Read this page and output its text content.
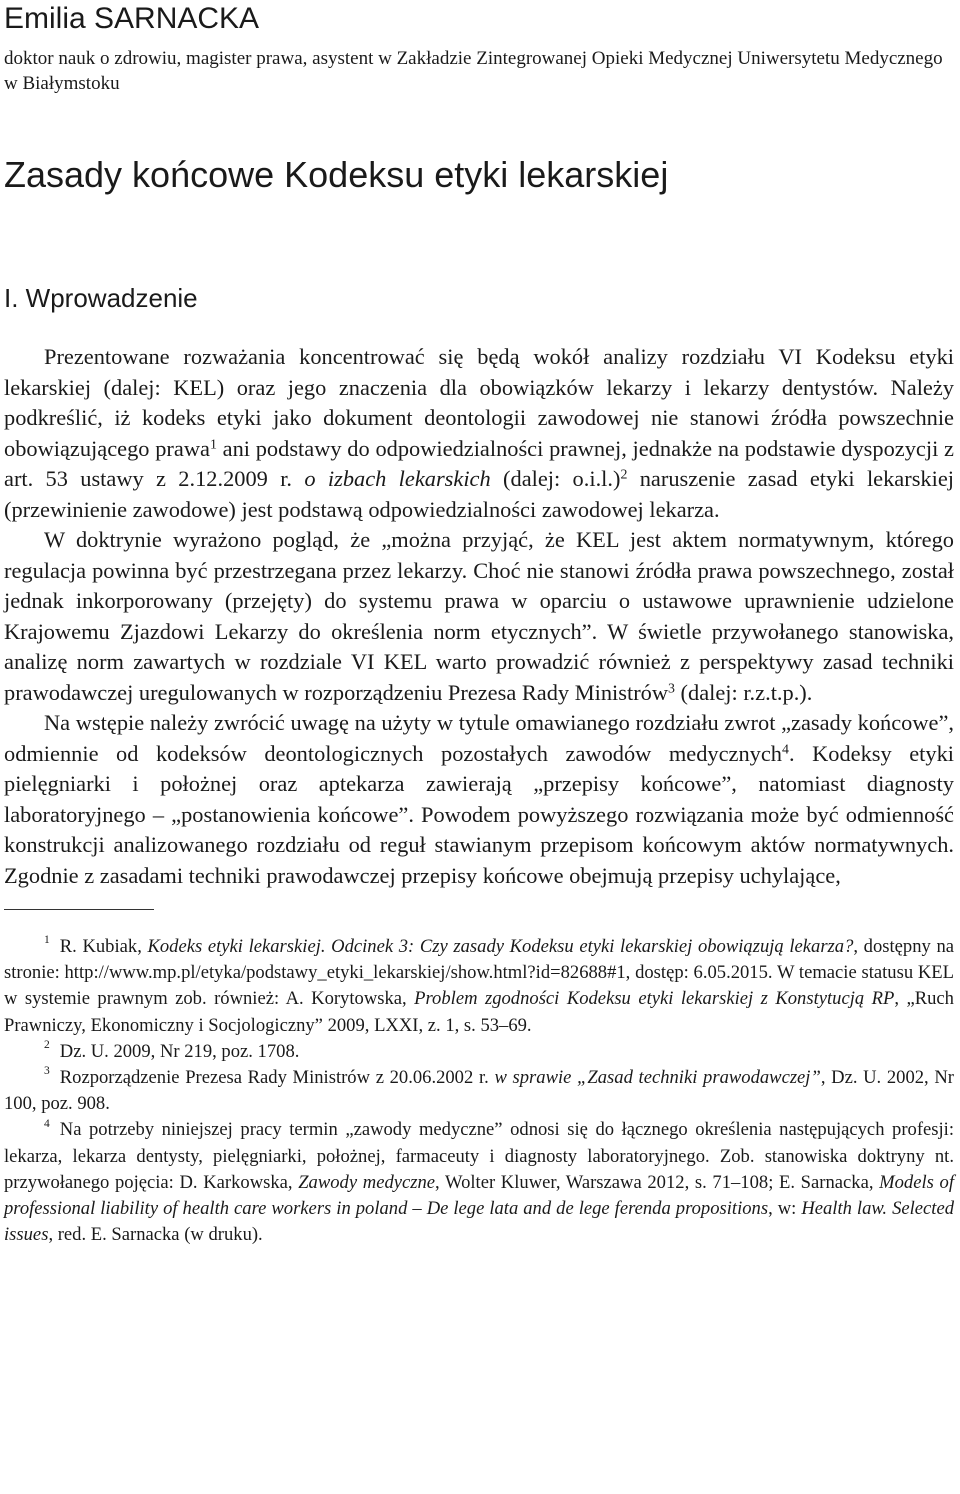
Emilia SARNACKA

doktor nauk o zdrowiu, magister prawa, asystent w Zakładzie Zintegrowanej Opieki Medycznej Uniwersytetu Medycznego w Białymstoku

Zasady końcowe Kodeksu etyki lekarskiej
I. Wprowadzenie

Prezentowane rozważania koncentrować się będą wokół analizy rozdziału VI Kodeksu etyki lekarskiej (dalej: KEL) oraz jego znaczenia dla obowiązków lekarzy i lekarzy dentystów. Należy podkreślić, iż kodeks etyki jako dokument deontologii zawodowej nie stanowi źródła powszechnie obowiązującego prawa$^1$ ani podstawy do odpowiedzialności prawnej, jednakże na podstawie dyspozycji z art. 53 ustawy z 2.12.2009 r. o izbach lekarskich (dalej: o.i.l.)$^2$ naruszenie zasad etyki lekarskiej (przewinienie zawodowe) jest podstawą odpowiedzialności zawodowej lekarza.

W doktrynie wyrażono pogląd, że „można przyjąć, że KEL jest aktem normatywnym, którego regulacja powinna być przestrzegana przez lekarzy. Choć nie stanowi źródła prawa powszechnego, został jednak inkorporowany (przejęty) do systemu prawa w oparciu o ustawowe uprawnienie udzielone Krajowemu Zjazdowi Lekarzy do określenia norm etycznych”. W świetle przywołanego stanowiska, analizę norm zawartych w rozdziale VI KEL warto prowadzić również z perspektywy zasad techniki prawodawczej uregulowanych w rozporządzeniu Prezesa Rady Ministrów$^3$ (dalej: r.z.t.p.).

Na wstępie należy zwrócić uwagę na użyty w tytule omawianego rozdziału zwrot „zasady końcowe”, odmiennie od kodeksów deontologicznych pozostałych zawodów medycznych$^4$. Kodeksy etyki pielęgniarki i położnej oraz aptekarza zawierają „przepisy końcowe”, natomiast diagnosty laboratoryjnego – „postanowienia końcowe”. Powodem powyższego rozwiązania może być odmienność konstrukcji analizowanego rozdziału od reguł stawianym przepisom końcowym aktów normatywnych. Zgodnie z zasadami techniki prawodawczej przepisy końcowe obejmują przepisy uchylające,

$^1$ R. Kubiak, Kodeks etyki lekarskiej. Odcinek 3: Czy zasady Kodeksu etyki lekarskiej obowiązują lekarza?, dostępny na stronie: http://www.mp.pl/etyka/podstawy_etyki_lekarskiej/show.html?id=82688#1, dostęp: 6.05.2015. W temacie statusu KEL w systemie prawnym zob. również: A. Korytowska, Problem zgodności Kodeksu etyki lekarskiej z Konstytucją RP, „Ruch Prawniczy, Ekonomiczny i Socjologiczny” 2009, LXXI, z. 1, s. 53–69.

$^2$ Dz. U. 2009, Nr 219, poz. 1708.

$^3$ Rozporządzenie Prezesa Rady Ministrów z 20.06.2002 r. w sprawie „Zasad techniki prawodawczej”, Dz. U. 2002, Nr 100, poz. 908.

$^4$ Na potrzeby niniejszej pracy termin „zawody medyczne” odnosi się do łącznego określenia następujących profesji: lekarza, lekarza dentysty, pielęgniarki, położnej, farmaceuty i diagnosty laboratoryjnego. Zob. stanowiska doktryny nt. przywołanego pojęcia: D. Karkowska, Zawody medyczne, Wolter Kluwer, Warszawa 2012, s. 71–108; E. Sarnacka, Models of professional liability of health care workers in poland – De lege lata and de lege ferenda propositions, w: Health law. Selected issues, red. E. Sarnacka (w druku).
